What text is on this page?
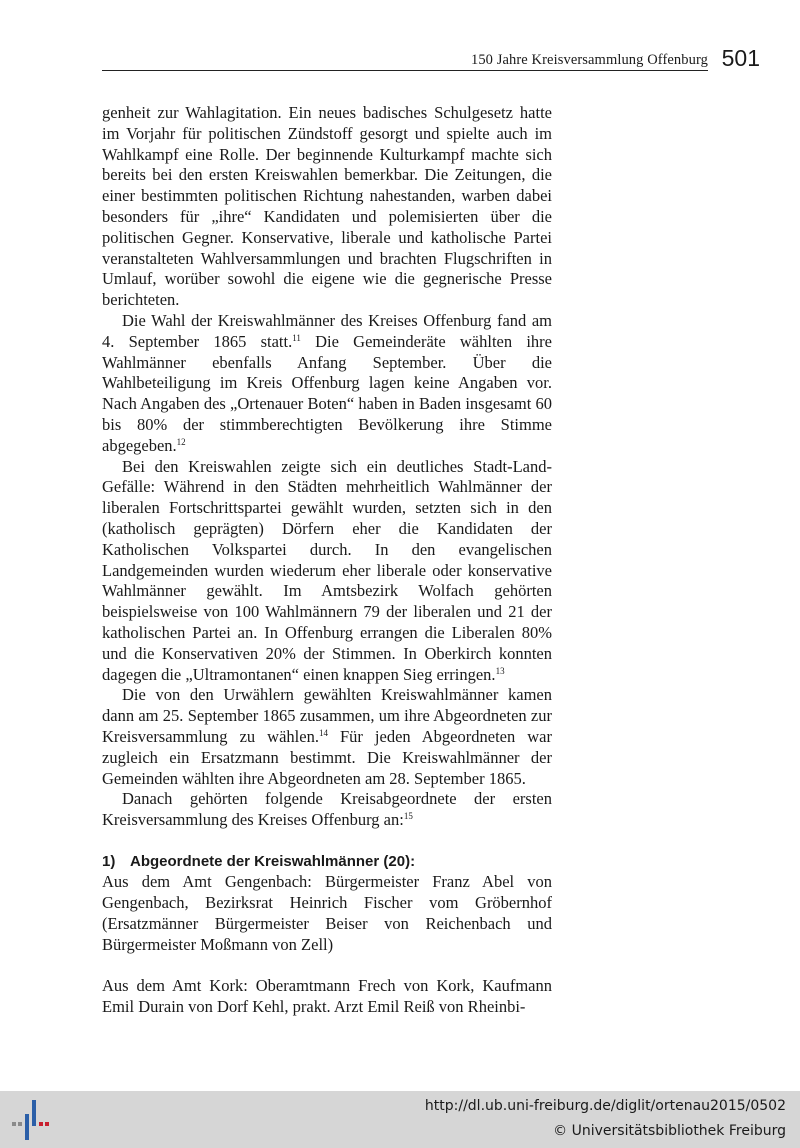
150 Jahre Kreisversammlung Offenburg 501

genheit zur Wahlagitation. Ein neues badisches Schulgesetz hatte im Vorjahr für politischen Zündstoff gesorgt und spielte auch im Wahlkampf eine Rolle. Der beginnende Kulturkampf machte sich bereits bei den ersten Kreiswahlen bemerkbar. Die Zeitungen, die einer bestimmten politischen Richtung nahestanden, warben dabei besonders für „ihre“ Kandidaten und polemisierten über die politischen Gegner. Konservative, liberale und katholische Partei veranstalteten Wahlversammlungen und brachten Flugschriften in Umlauf, worüber sowohl die eigene wie die gegnerische Presse berichteten.

Die Wahl der Kreiswahlmänner des Kreises Offenburg fand am 4. September 1865 statt.$^{11}$ Die Gemeinderäte wählten ihre Wahlmänner ebenfalls Anfang September. Über die Wahlbeteiligung im Kreis Offenburg lagen keine Angaben vor. Nach Angaben des „Ortenauer Boten“ haben in Baden insgesamt 60 bis 80% der stimmberechtigten Bevölkerung ihre Stimme abgegeben.$^{12}$

Bei den Kreiswahlen zeigte sich ein deutliches Stadt-Land-Gefälle: Während in den Städten mehrheitlich Wahlmänner der liberalen Fortschrittspartei gewählt wurden, setzten sich in den (katholisch geprägten) Dörfern eher die Kandidaten der Katholischen Volkspartei durch. In den evangelischen Landgemeinden wurden wiederum eher liberale oder konservative Wahlmänner gewählt. Im Amtsbezirk Wolfach gehörten beispielsweise von 100 Wahlmännern 79 der liberalen und 21 der katholischen Partei an. In Offenburg errangen die Liberalen 80% und die Konservativen 20% der Stimmen. In Oberkirch konnten dagegen die „Ultramontanen“ einen knappen Sieg erringen.$^{13}$

Die von den Urwählern gewählten Kreiswahlmänner kamen dann am 25. September 1865 zusammen, um ihre Abgeordneten zur Kreisversammlung zu wählen.$^{14}$ Für jeden Abgeordneten war zugleich ein Ersatzmann bestimmt. Die Kreiswahlmänner der Gemeinden wählten ihre Abgeordneten am 28. September 1865.

Danach gehörten folgende Kreisabgeordnete der ersten Kreisversammlung des Kreises Offenburg an:$^{15}$

1) Abgeordnete der Kreiswahlmänner (20):

Aus dem Amt Gengenbach: Bürgermeister Franz Abel von Gengenbach, Bezirksrat Heinrich Fischer vom Gröbernhof (Ersatzmänner Bürgermeister Beiser von Reichenbach und Bürgermeister Moßmann von Zell)

Aus dem Amt Kork: Oberamtmann Frech von Kork, Kaufmann Emil Durain von Dorf Kehl, prakt. Arzt Emil Reiß von Rheinbi-

http://dl.ub.uni-freiburg.de/diglit/ortenau2015/0502
© Universitätsbibliothek Freiburg
